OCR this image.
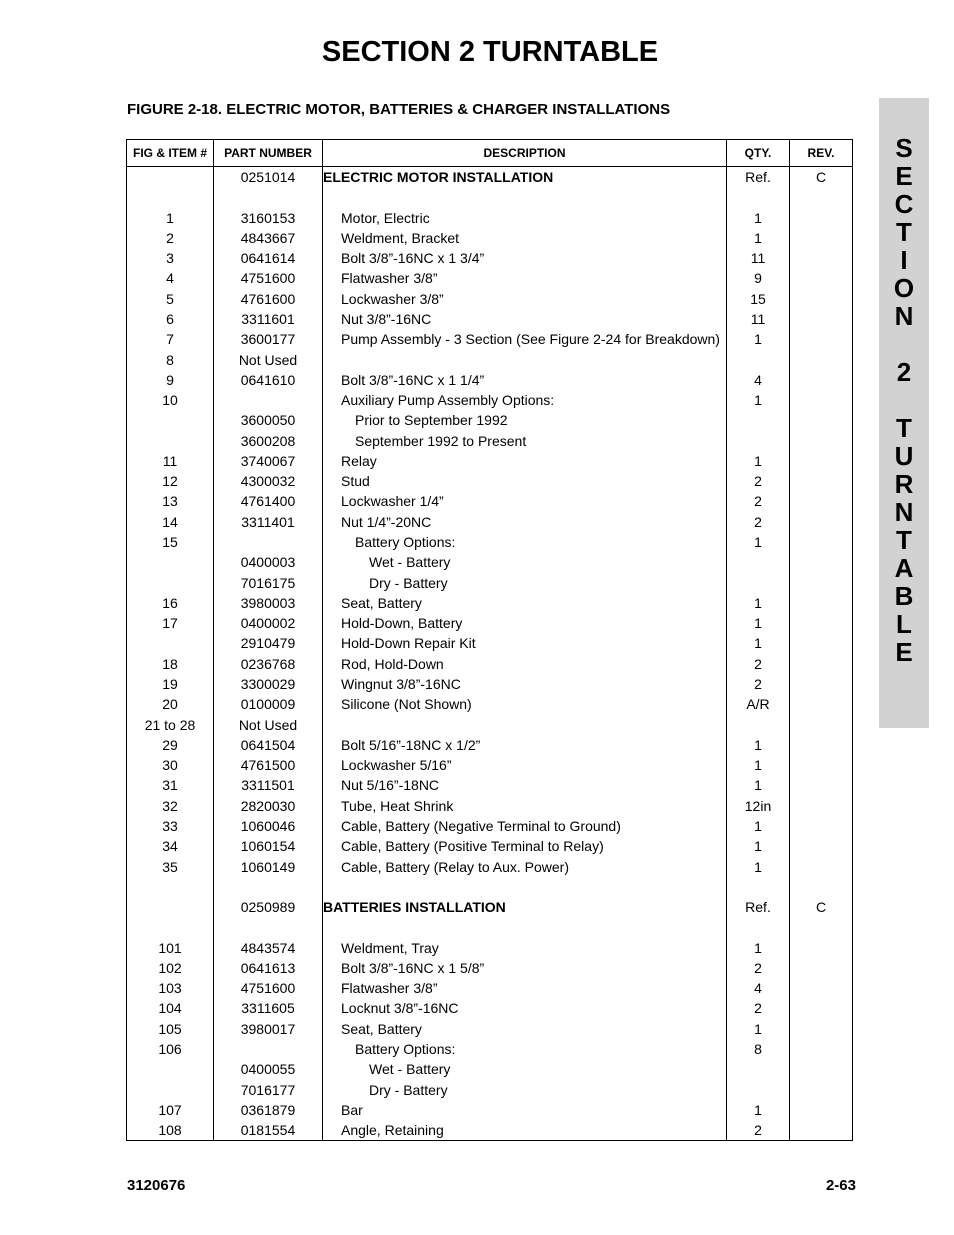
SECTION 2 TURNTABLE
FIGURE 2-18. ELECTRIC MOTOR, BATTERIES & CHARGER INSTALLATIONS
S
E
C
T
I
O
N
2
T
U
R
N
T
A
B
L
E
FIG & ITEM #	PART NUMBER	DESCRIPTION	QTY.	REV.
	0251014	ELECTRIC MOTOR INSTALLATION	Ref.	C

1	3160153	Motor, Electric	1	
2	4843667	Weldment, Bracket	1	
3	0641614	Bolt 3/8”-16NC x 1 3/4”	11	
4	4751600	Flatwasher 3/8”	9	
5	4761600	Lockwasher 3/8”	15	
6	3311601	Nut 3/8”-16NC	11	
7	3600177	Pump Assembly - 3 Section (See Figure 2-24 for Breakdown)	1	
8	Not Used			
9	0641610	Bolt 3/8”-16NC x 1 1/4”	4	
10		Auxiliary Pump Assembly Options:	1	
	3600050	Prior to September 1992		
	3600208	September 1992 to Present		
11	3740067	Relay	1	
12	4300032	Stud	2	
13	4761400	Lockwasher 1/4”	2	
14	3311401	Nut 1/4”-20NC	2	
15		Battery Options:	1	
	0400003	Wet - Battery		
	7016175	Dry - Battery		
16	3980003	Seat, Battery	1	
17	0400002	Hold-Down, Battery	1	
	2910479	Hold-Down Repair Kit	1	
18	0236768	Rod, Hold-Down	2	
19	3300029	Wingnut 3/8”-16NC	2	
20	0100009	Silicone (Not Shown)	A/R	
21 to 28	Not Used			
29	0641504	Bolt 5/16”-18NC x 1/2”	1	
30	4761500	Lockwasher 5/16”	1	
31	3311501	Nut 5/16”-18NC	1	
32	2820030	Tube, Heat Shrink	12in	
33	1060046	Cable, Battery (Negative Terminal to Ground)	1	
34	1060154	Cable, Battery (Positive Terminal to Relay)	1	
35	1060149	Cable, Battery (Relay to Aux. Power)	1	

	0250989	BATTERIES INSTALLATION	Ref.	C

101	4843574	Weldment, Tray	1	
102	0641613	Bolt 3/8”-16NC x 1 5/8”	2	
103	4751600	Flatwasher 3/8”	4	
104	3311605	Locknut 3/8”-16NC	2	
105	3980017	Seat, Battery	1	
106		Battery Options:	8	
	0400055	Wet - Battery		
	7016177	Dry - Battery		
107	0361879	Bar	1	
108	0181554	Angle, Retaining	2	
3120676	2-63
